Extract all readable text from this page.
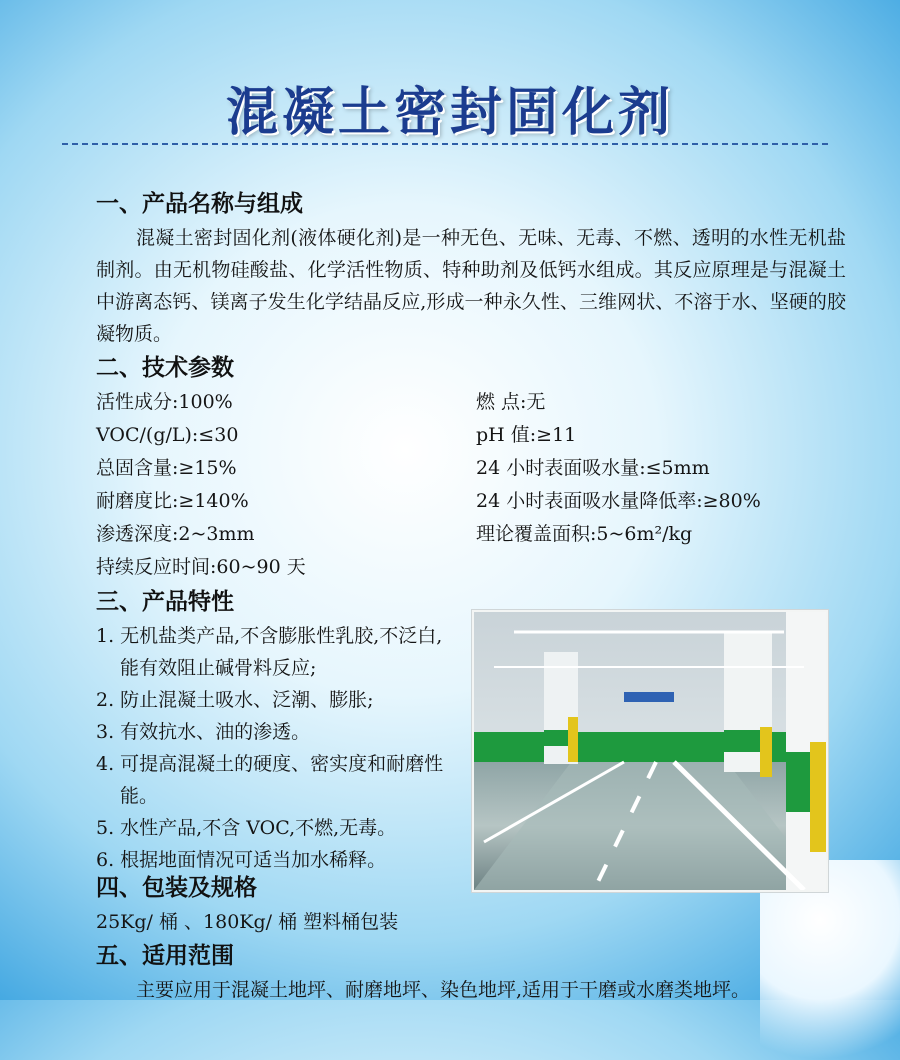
混凝土密封固化剂
一、产品名称与组成
混凝土密封固化剂(液体硬化剂)是一种无色、无味、无毒、不燃、透明的水性无机盐制剂。由无机物硅酸盐、化学活性物质、特种助剂及低钙水组成。其反应原理是与混凝土中游离态钙、镁离子发生化学结晶反应,形成一种永久性、三维网状、不溶于水、坚硬的胶凝物质。
二、技术参数
活性成分:100%	燃 点:无
VOC/(g/L):≤30	pH 值:≥11
总固含量:≥15%	24 小时表面吸水量:≤5mm
耐磨度比:≥140%	24 小时表面吸水量降低率:≥80%
渗透深度:2~3mm	理论覆盖面积:5~6m²/kg
持续反应时间:60~90 天
三、产品特性
1. 无机盐类产品,不含膨胀性乳胶,不泛白,能有效阻止碱骨料反应;
2. 防止混凝土吸水、泛潮、膨胀;
3. 有效抗水、油的渗透。
4. 可提高混凝土的硬度、密实度和耐磨性能。
5. 水性产品,不含 VOC,不燃,无毒。
6. 根据地面情况可适当加水稀释。
四、包装及规格
25Kg/ 桶 、180Kg/ 桶 塑料桶包装
五、适用范围
主要应用于混凝土地坪、耐磨地坪、染色地坪,适用于干磨或水磨类地坪。
